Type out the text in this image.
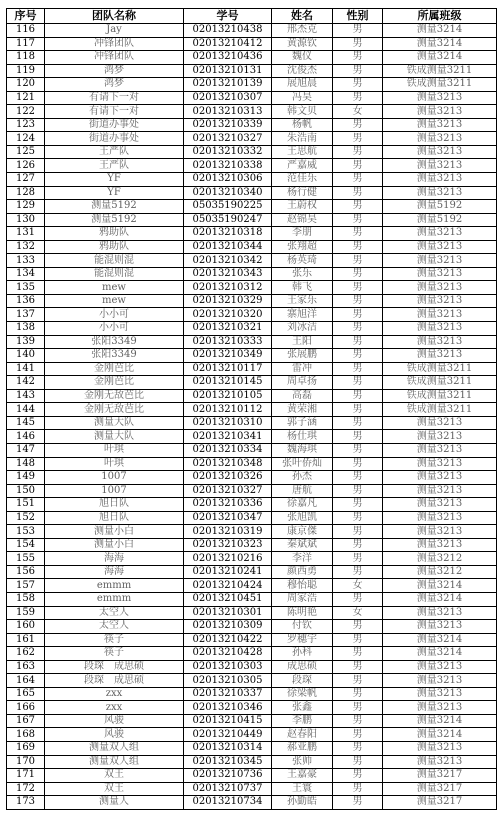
序号	团队名称	学号	姓名	性别	所属班级
116	Jay	02013210438	邢杰克	男	测量3214
117	冲锋团队	02013210412	黄源钦	男	测量3214
118	冲锋团队	02013210436	魏仪	男	测量3214
119	鸿梦	02013210131	沈俊杰	男	铁成测量3211
120	鸿梦	02013210139	展旭晨	男	铁成测量3211
121	有请下一对	02013210307	冯昊	男	测量3213
122	有请下一对	02013210313	韩文贝	女	测量3213
123	街道办事处	02013210339	杨帆	男	测量3213
124	街道办事处	02013210327	朱浩南	男	测量3213
125	王严队	02013210332	王思航	男	测量3213
126	王严队	02013210338	严嘉威	男	测量3213
127	YF	02013210306	范佳乐	男	测量3213
128	YF	02013210340	杨行健	男	测量3213
129	测量5192	05035190225	王蔚权	男	测量5192
130	测量5192	05035190247	赵锦昊	男	测量5192
131	鸦助队	02013210318	李朋	男	测量3213
132	鸦助队	02013210344	张翔超	男	测量3213
133	能混则混	02013210342	杨英琦	男	测量3213
134	能混则混	02013210343	张乐	男	测量3213
135	mew	02013210312	韩飞	男	测量3213
136	mew	02013210329	王家乐	男	测量3213
137	小小可	02013210320	寨旭洋	男	测量3213
138	小小可	02013210321	刘冰洁	男	测量3213
139	张阳3349	02013210333	王阳	男	测量3213
140	张阳3349	02013210349	张展鹏	男	测量3213
141	金刚芭比	02013210117	雷冲	男	铁成测量3211
142	金刚芭比	02013210145	周卓扬	男	铁成测量3211
143	金刚无敌芭比	02013210105	高磊	男	铁成测量3211
144	金刚无敌芭比	02013210112	黄荣湘	男	铁成测量3211
145	测量大队	02013210310	郭子涵	男	测量3213
146	测量大队	02013210341	杨仕琪	男	测量3213
147	叶琪	02013210334	魏海琪	男	测量3213
148	叶琪	02013210348	张叶侨灿	男	测量3213
149	1007	02013210326	孙杰	男	测量3213
150	1007	02013210327	唐航	男	测量3213
151	旭日队	02013210336	徐嘉凡	男	测量3213
152	旭日队	02013210347	张旭凯	男	测量3213
153	测量小白	02013210319	康京傑	男	测量3213
154	测量小白	02013210323	秦斌斌	男	测量3213
155	海海	02013210216	李洋	男	测量3212
156	海海	02013210241	颜西勇	男	测量3212
157	emmm	02013210424	穆怡聪	女	测量3214
158	emmm	02013210451	周家浩	男	测量3214
159	太空人	02013210301	陈明艳	女	测量3213
160	太空人	02013210309	付钦	男	测量3213
161	筷子	02013210422	罗穗宇	男	测量3214
162	筷子	02013210428	孙科	男	测量3214
163	段琛　成思硕	02013210303	成思硕	男	测量3213
164	段琛　成思硕	02013210305	段琛	男	测量3213
165	zxx	02013210337	徐梁帆	男	测量3213
166	zxx	02013210346	张鑫	男	测量3213
167	风骏	02013210415	李鹏	男	测量3214
168	风骏	02013210449	赵春阳	男	测量3214
169	测量双人组	02013210314	郝亚鹏	男	测量3213
170	测量双人组	02013210345	张帅	男	测量3213
171	双王	02013210736	王嘉豪	男	测量3217
172	双王	02013210737	王寰	男	测量3217
173	测量人	02013210734	孙勤皓	男	测量3217
